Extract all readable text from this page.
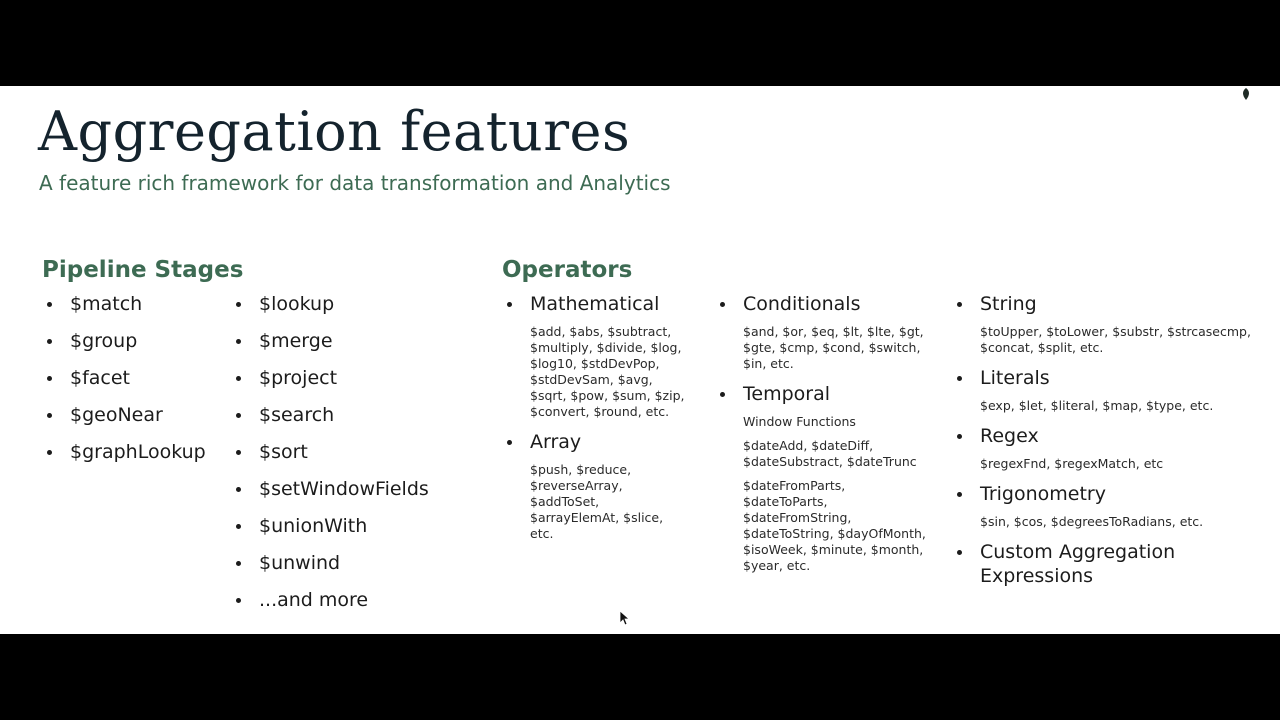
Aggregation features
A feature rich framework for data transformation and Analytics
Pipeline Stages
$match
$group
$facet
$geoNear
$graphLookup
$lookup
$merge
$project
$search
$sort
$setWindowFields
$unionWith
$unwind
...and more
Operators
Mathematical
$add, $abs, $subtract, $multiply, $divide, $log, $log10, $stdDevPop, $stdDevSam, $avg, $sqrt, $pow, $sum, $zip, $convert, $round, etc.
Array
$push, $reduce, $reverseArray, $addToSet, $arrayElemAt, $slice, etc.
Conditionals
$and, $or, $eq, $lt, $lte, $gt, $gte, $cmp, $cond, $switch, $in, etc.
Temporal
Window Functions
$dateAdd, $dateDiff, $dateSubstract, $dateTrunc
$dateFromParts, $dateToParts, $dateFromString, $dateToString, $dayOfMonth, $isoWeek, $minute, $month, $year, etc.
String
$toUpper, $toLower, $substr, $strcasecmp, $concat, $split, etc.
Literals
$exp, $let, $literal, $map, $type, etc.
Regex
$regexFnd, $regexMatch, etc
Trigonometry
$sin, $cos, $degreesToRadians, etc.
Custom Aggregation
Expressions
